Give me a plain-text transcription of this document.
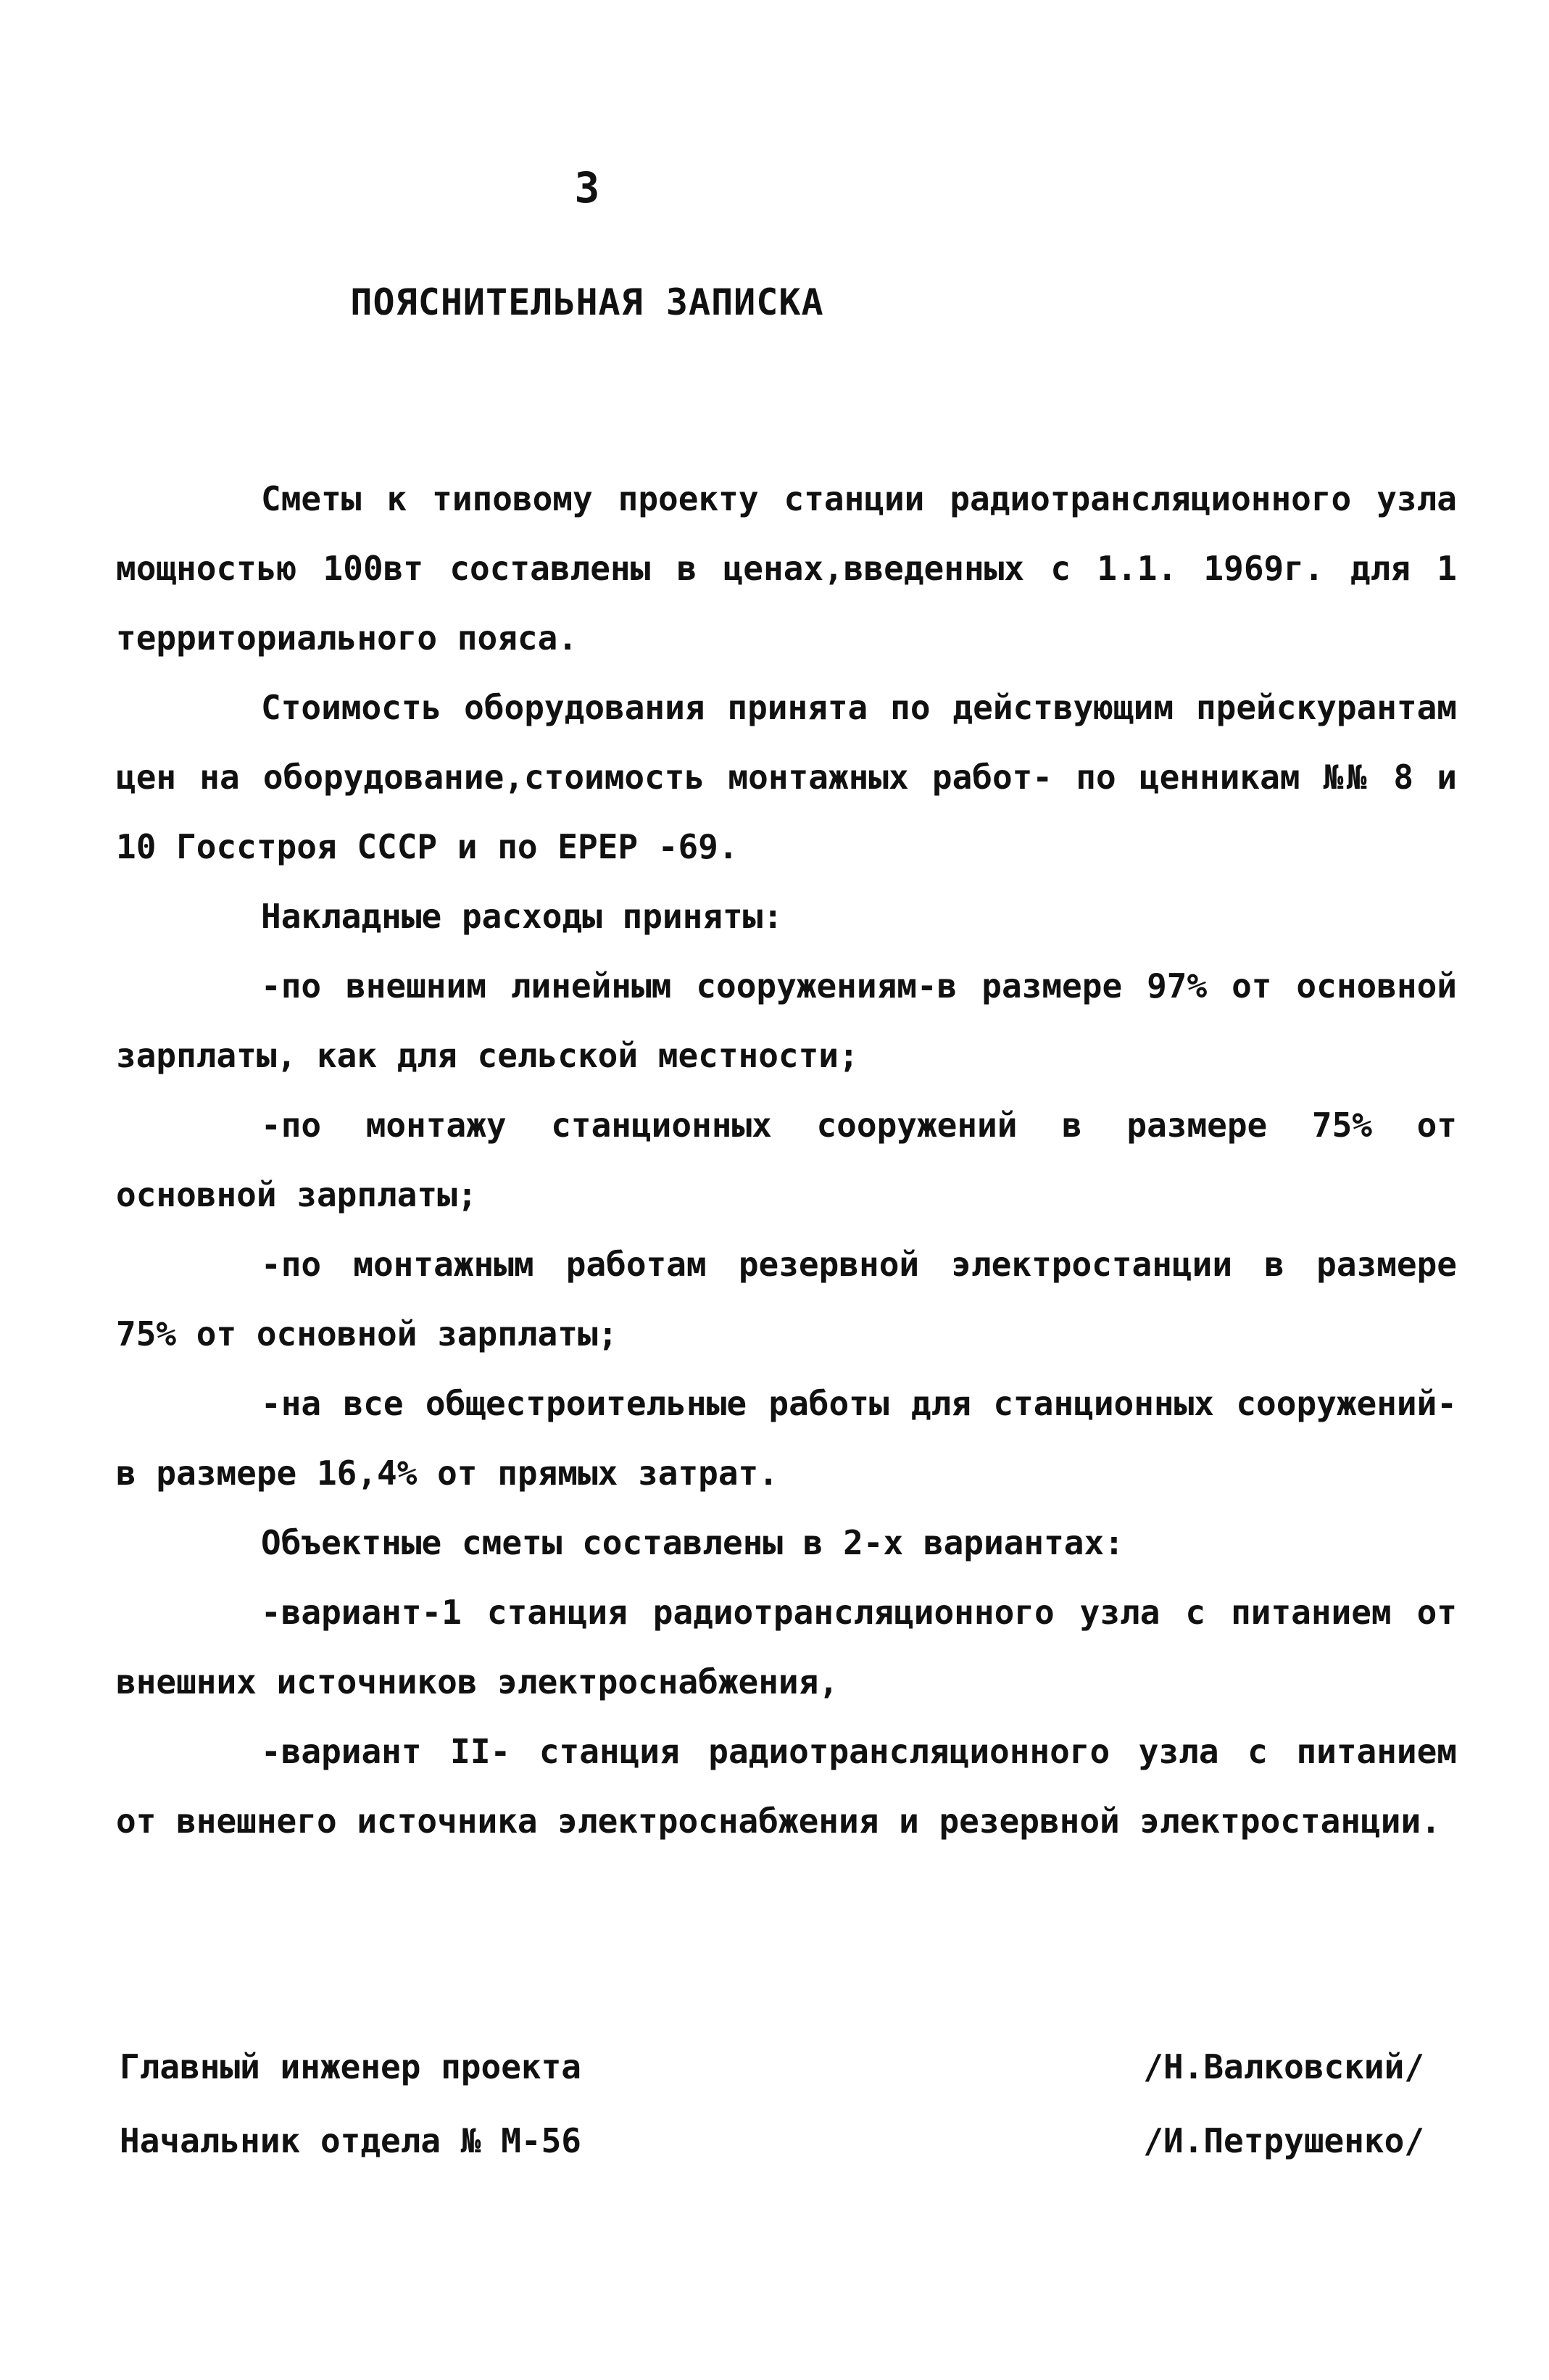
3
ПОЯСНИТЕЛЬНАЯ ЗАПИСКА

Сметы к типовому проекту станции радиотрансляционного узла мощностью 100вт составлены в ценах,введенных с 1.1. 1969г. для 1 территориального пояса.

Стоимость оборудования принята по действующим прейскурантам цен на оборудование,стоимость монтажных работ- по ценникам №№ 8 и 10 Госстроя СССР и по ЕРЕР -69.

Накладные расходы приняты:

-по внешним линейным сооружениям-в размере 97% от основной зарплаты, как для сельской местности;

-по монтажу станционных сооружений в размере 75% от основной зарплаты;

-по монтажным работам резервной электростанции в размере 75% от основной зарплаты;

-на все общестроительные работы для станционных сооружений- в размере 16,4% от прямых затрат.

Объектные сметы составлены в 2-х вариантах:

-вариант-1 станция радиотрансляционного узла с питанием от внешних источников электроснабжения,

-вариант II- станция радиотрансляционного узла с питанием от внешнего источника электроснабжения и резервной электростанции.

Главный инженер проекта	/Н.Валковский/
Начальник отдела № М-56	/И.Петрушенко/
